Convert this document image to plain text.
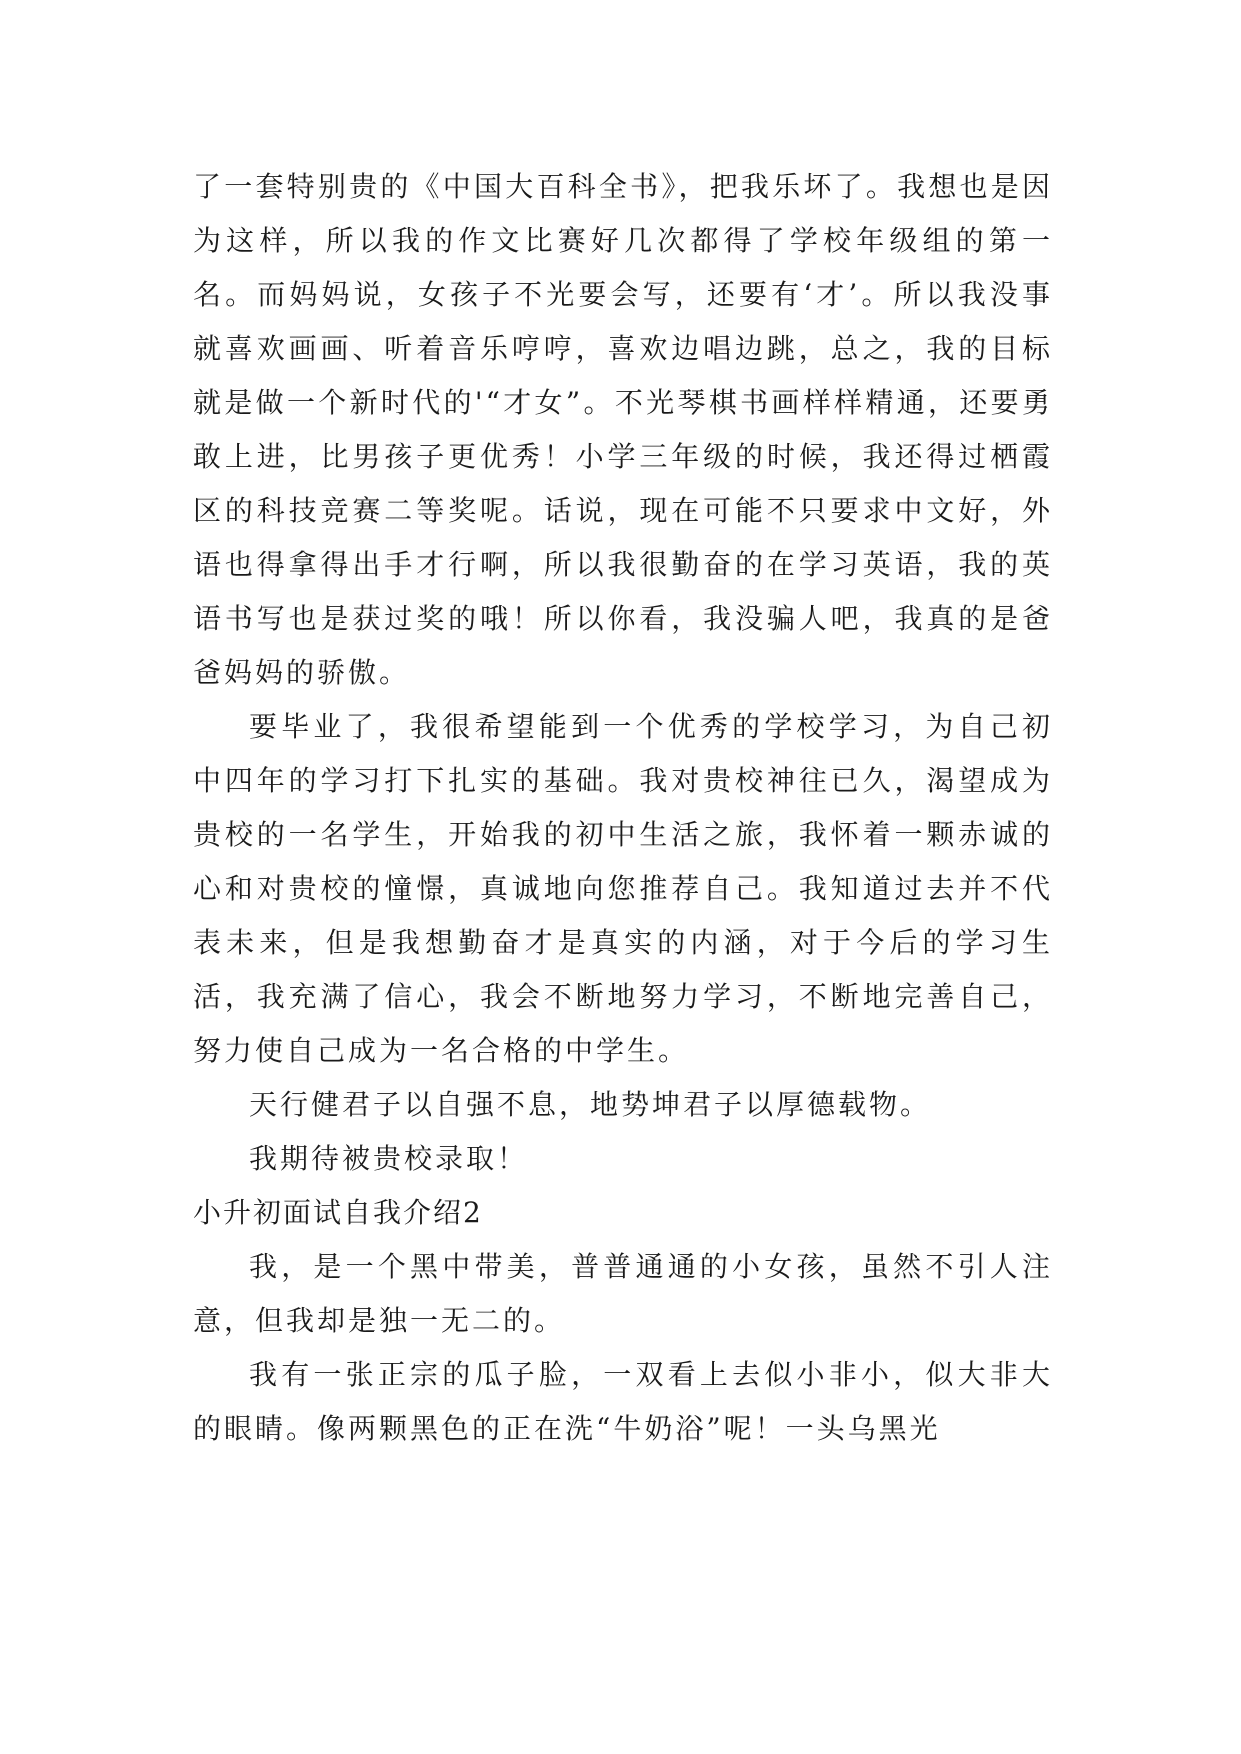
了一套特别贵的《中国大百科全书》，把我乐坏了。我想也是因为这样，所以我的作文比赛好几次都得了学校年级组的第一名。而妈妈说，女孩子不光要会写，还要有‘才’。所以我没事就喜欢画画、听着音乐哼哼，喜欢边唱边跳，总之，我的目标就是做一个新时代的'“才女”。不光琴棋书画样样精通，还要勇敢上进，比男孩子更优秀！小学三年级的时候，我还得过栖霞区的科技竞赛二等奖呢。话说，现在可能不只要求中文好，外语也得拿得出手才行啊，所以我很勤奋的在学习英语，我的英语书写也是获过奖的哦！所以你看，我没骗人吧，我真的是爸爸妈妈的骄傲。

要毕业了，我很希望能到一个优秀的学校学习，为自己初中四年的学习打下扎实的基础。我对贵校神往已久，渴望成为贵校的一名学生，开始我的初中生活之旅，我怀着一颗赤诚的心和对贵校的憧憬，真诚地向您推荐自己。我知道过去并不代表未来，但是我想勤奋才是真实的内涵，对于今后的学习生活，我充满了信心，我会不断地努力学习，不断地完善自己，努力使自己成为一名合格的中学生。

天行健君子以自强不息，地势坤君子以厚德载物。

我期待被贵校录取！

小升初面试自我介绍2

我，是一个黑中带美，普普通通的小女孩，虽然不引人注意，但我却是独一无二的。

我有一张正宗的瓜子脸，一双看上去似小非小，似大非大的眼睛。像两颗黑色的正在洗“牛奶浴”呢！一头乌黑光
